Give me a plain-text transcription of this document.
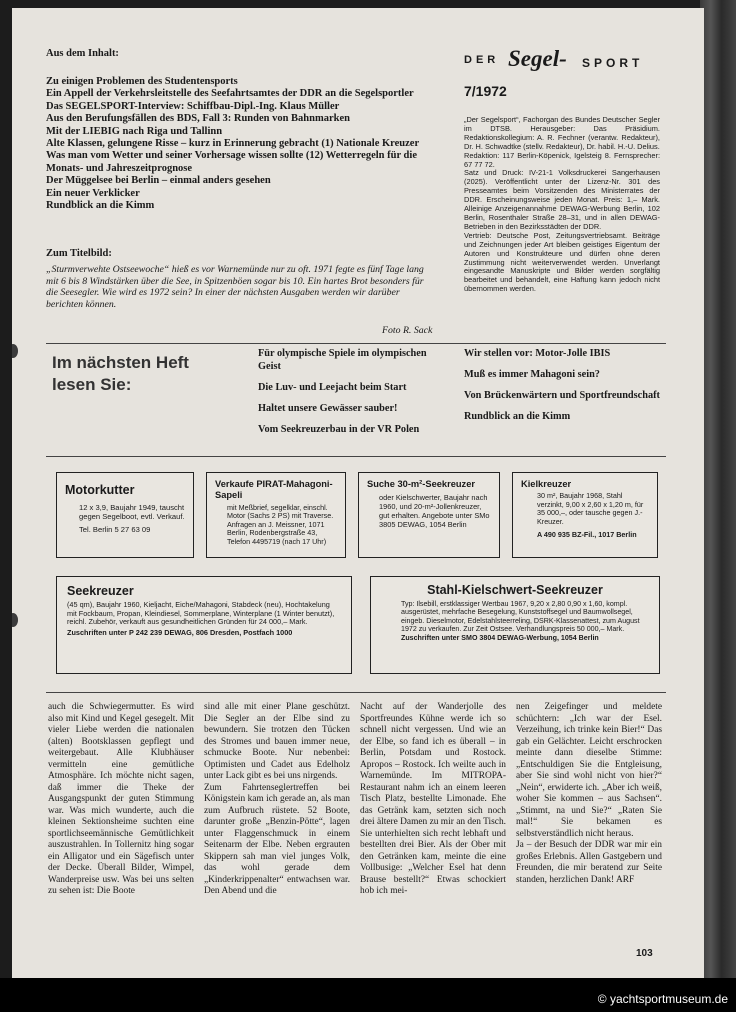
Aus dem Inhalt:
Zu einigen Problemen des Studentensports
Ein Appell der Verkehrsleitstelle des Seefahrtsamtes der DDR an die Segelsportler
Das SEGELSPORT-Interview: Schiffbau-Dipl.-Ing. Klaus Müller
Aus den Berufungsfällen des BDS, Fall 3: Runden von Bahnmarken
Mit der LIEBIG nach Riga und Tallinn
Alte Klassen, gelungene Risse – kurz in Erinnerung gebracht (1) Nationale Kreuzer
Was man vom Wetter und seiner Vorhersage wissen sollte (12) Wetterregeln für die Monats- und Jahreszeitprognose
Der Müggelsee bei Berlin – einmal anders gesehen
Ein neuer Verklicker
Rundblick an die Kimm
Zum Titelbild:
„Sturmverwehte Ostseewoche“ hieß es vor Warnemünde nur zu oft. 1971 fegte es fünf Tage lang mit 6 bis 8 Windstärken über die See, in Spitzenböen sogar bis 10. Ein hartes Brot besonders für die Seesegler. Wie wird es 1972 sein? In einer der nächsten Ausgaben werden wir darüber berichten können.
Foto R. Sack
DER Segel- SPORT
7/1972

„Der Segelsport“, Fachorgan des Bundes Deutscher Segler im DTSB. Herausgeber: Das Präsidium. Redaktionskollegium: A. R. Fechner (verantw. Redakteur), Dr. H. Schwadtke (stellv. Redakteur), Dr. habil. H.-U. Delius.

Redaktion: 117 Berlin-Köpenick, Igelsteig 8. Fernsprecher: 67 77 72.

Satz und Druck: IV-21-1 Volksdruckerei Sangerhausen (2025). Veröffentlicht unter der Lizenz-Nr. 301 des Presseamtes beim Vorsitzenden des Ministerrates der DDR. Erscheinungsweise jeden Monat. Preis: 1,– Mark. Alleinige Anzeigenannahme DEWAG-Werbung Berlin, 102 Berlin, Rosenthaler Straße 28–31, und in allen DEWAG-Betrieben in den Bezirksstädten der DDR.

Vertrieb: Deutsche Post, Zeitungsvertriebsamt. Beiträge und Zeichnungen jeder Art bleiben geistiges Eigentum der Autoren und Konstrukteure und dürfen ohne deren Zustimmung nicht weiterverwendet werden. Unverlangt eingesandte Manuskripte und Bilder werden sorgfältig bearbeitet und behandelt, eine Haftung kann jedoch nicht übernommen werden.

Im nächsten Heft lesen Sie:
Für olympische Spiele im olympischen Geist
Die Luv- und Leejacht beim Start
Haltet unsere Gewässer sauber!
Vom Seekreuzerbau in der VR Polen
Wir stellen vor: Motor-Jolle IBIS
Muß es immer Mahagoni sein?
Von Brückenwärtern und Sportfreundschaft
Rundblick an die Kimm
Motorkutter
12 x 3,9, Baujahr 1949, tauscht gegen Segelboot, evtl. Verkauf.
Tel. Berlin 5 27 63 09
Verkaufe PIRAT-Mahagoni-Sapeli
mit Meßbrief, segelklar, einschl. Motor (Sachs 2 PS) mit Traverse. Anfragen an J. Meissner, 1071 Berlin, Rodenbergstraße 43, Telefon 4495719 (nach 17 Uhr)
Suche 30-m²-Seekreuzer
oder Kielschwerter, Baujahr nach 1960, und 20-m²-Jollenkreuzer, gut erhalten. Angebote unter SMo 3805 DEWAG, 1054 Berlin
Kielkreuzer
30 m², Baujahr 1968, Stahl verzinkt, 9,00 x 2,60 x 1,20 m, für 35 000,–, oder tausche gegen J.-Kreuzer.
A 490 935 BZ-Fil., 1017 Berlin
Seekreuzer
(45 qm), Baujahr 1960, Kieljacht, Eiche/Mahagoni, Stabdeck (neu), Hochtakelung mit Fockbaum, Propan, Kleindiesel, Sommerplane, Winterplane (1 Winter benutzt), reichl. Zubehör, verkauft aus gesundheitlichen Gründen für 24 000,– Mark.
Zuschriften unter P 242 239 DEWAG, 806 Dresden, Postfach 1000
Stahl-Kielschwert-Seekreuzer
Typ: Ilsebill, erstklassiger Wertbau 1967, 9,20 x 2,80 0,90 x 1,60, kompl. ausgerüstet, mehrfache Besegelung, Kunststoffsegel und Baumwollsegel, eingeb. Dieselmotor, Edelstahlsteerreling, DSRK-Klassenattest, zum August 1972 zu verkaufen. Zur Zeit Ostsee. Verhandlungspreis 50 000,– Mark.
Zuschriften unter SMO 3804 DEWAG-Werbung, 1054 Berlin
auch die Schwiegermutter. Es wird also mit Kind und Kegel gesegelt. Mit vieler Liebe werden die nationalen (alten) Bootsklassen gepflegt und weitergebaut. Alle Klubhäuser vermitteln eine gemütliche Atmosphäre. Ich möchte nicht sagen, daß immer die Theke der Ausgangspunkt der guten Stimmung war. Was mich wunderte, auch die kleinen Sektionsheime suchten eine sportlichseemännische Gemütlichkeit auszustrahlen. In Tollernitz hing sogar ein Alligator und ein Sägefisch unter der Decke. Überall Bilder, Wimpel, Wanderpreise usw. Was bei uns selten zu sehen ist: Die Boote
sind alle mit einer Plane geschützt. Die Segler an der Elbe sind zu bewundern. Sie trotzen den Tücken des Stromes und bauen immer neue, schmucke Boote. Nur nebenbei: Optimisten und Cadet aus Edelholz unter Lack gibt es bei uns nirgends.
Zum Fahrtenseglertreffen bei Königstein kam ich gerade an, als man zum Aufbruch rüstete. 52 Boote, darunter große „Benzin-Pötte“, lagen unter Flaggenschmuck in einem Seitenarm der Elbe. Neben ergrauten Skippern sah man viel junges Volk, das wohl gerade dem „Kinderkrippenalter“ entwachsen war. Den Abend und die
Nacht auf der Wanderjolle des Sportfreundes Kühne werde ich so schnell nicht vergessen. Und wie an der Elbe, so fand ich es überall – in Berlin, Potsdam und Rostock. Apropos – Rostock. Ich weilte auch in Warnemünde. Im MITROPA-Restaurant nahm ich an einem leeren Tisch Platz, bestellte Limonade. Ehe das Getränk kam, setzten sich noch drei ältere Damen zu mir an den Tisch. Sie unterhielten sich recht lebhaft und bestellten drei Bier. Als der Ober mit den Getränken kam, meinte die eine Vollbusige: „Welcher Esel hat denn Brause bestellt?“ Etwas schockiert hob ich mei-
nen Zeigefinger und meldete schüchtern: „Ich war der Esel. Verzeihung, ich trinke kein Bier!“ Das gab ein Gelächter. Leicht erschrocken meinte dann dieselbe Stimme: „Entschuldigen Sie die Entgleisung, aber Sie sind wohl nicht von hier?“ „Nein“, erwiderte ich. „Aber ich weiß, woher Sie kommen – aus Sachsen“. „Stimmt, na und Sie?“ „Raten Sie mal!“ Sie bekamen es selbstverständlich nicht heraus.
Ja – der Besuch der DDR war mir ein großes Erlebnis. Allen Gastgebern und Freunden, die mir beratend zur Seite standen, herzlichen Dank! ARF
103
© yachtsportmuseum.de
